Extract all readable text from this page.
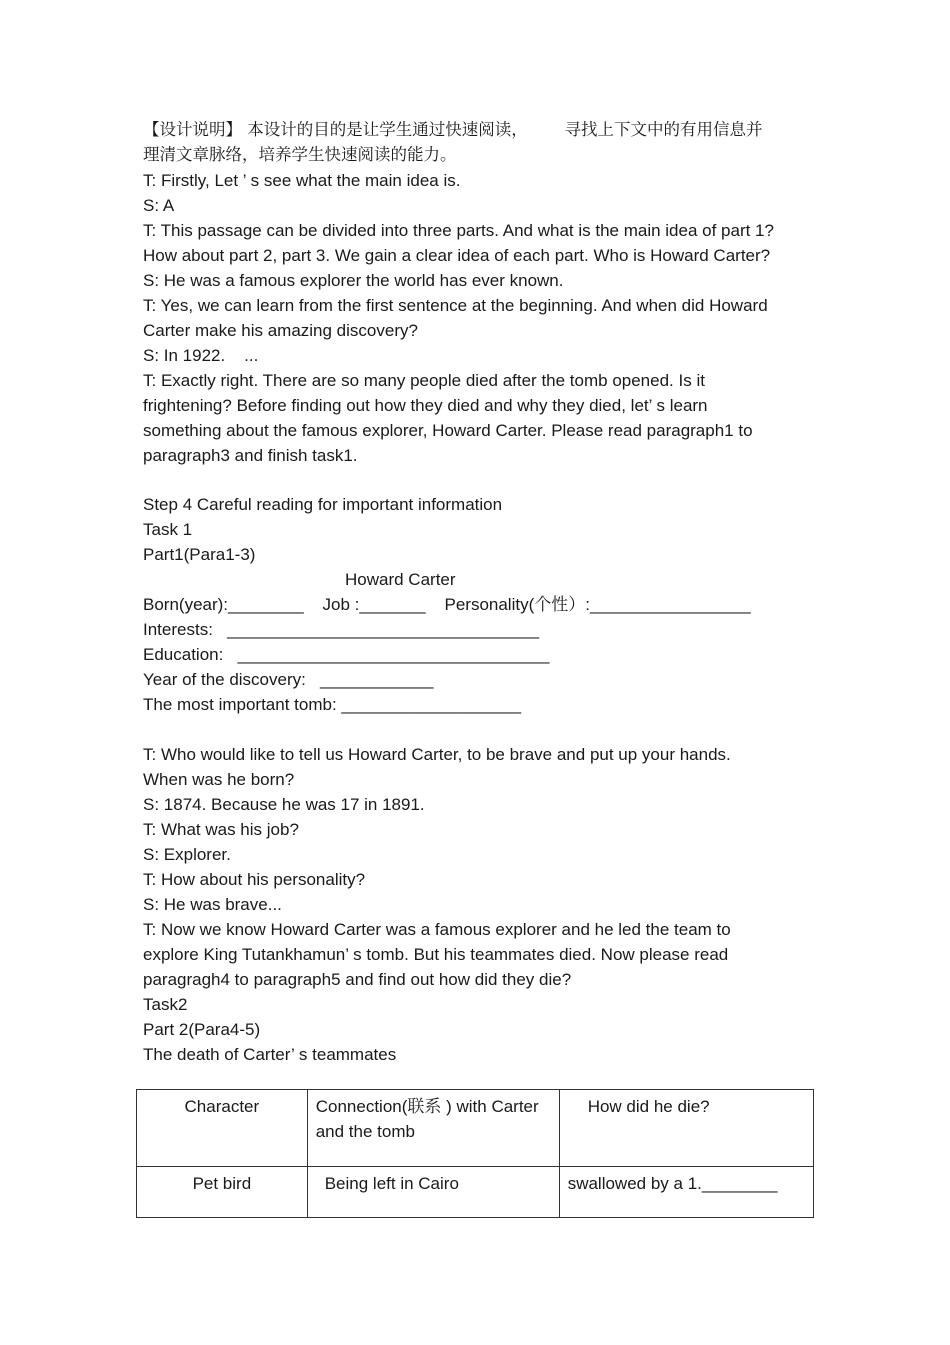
【设计说明】 本设计的目的是让学生通过快速阅读，       寻找上下文中的有用信息并
理清文章脉络，培养学生快速阅读的能力。
T: Firstly, Let ’ s see what the main idea is.
S: A
T: This passage can be divided into three parts. And what is the main idea of part 1?
How about part 2, part 3. We gain a clear idea of each part. Who is Howard Carter?
S: He was a famous explorer the world has ever known.
T: Yes, we can learn from the first sentence at the beginning. And when did Howard
Carter make his amazing discovery?
S: In 1922.    ...
T: Exactly right. There are so many people died after the tomb opened. Is it
frightening? Before finding out how they died and why they died, let’ s learn
something about the famous explorer, Howard Carter. Please read paragraph1 to
paragraph3 and finish task1.
Step 4 Careful reading for important information
Task 1
Part1(Para1-3)
Howard Carter
Born(year):________    Job :_______    Personality(个性）:_________________
Interests:   _________________________________
Education:   _________________________________
Year of the discovery:   ____________
The most important tomb: ___________________
T: Who would like to tell us Howard Carter, to be brave and put up your hands.
When was he born?
S: 1874. Because he was 17 in 1891.
T: What was his job?
S: Explorer.
T: How about his personality?
S: He was brave...
T: Now we know Howard Carter was a famous explorer and he led the team to
explore King Tutankhamun’ s tomb. But his teammates died. Now please read
paragragh4 to paragraph5 and find out how did they die?
Task2
Part 2(Para4-5)
The death of Carter’ s teammates
Character	Connection(联系 ) with Carter and the tomb	How did he die?
Pet bird	Being left in Cairo	swallowed by a 1.________
